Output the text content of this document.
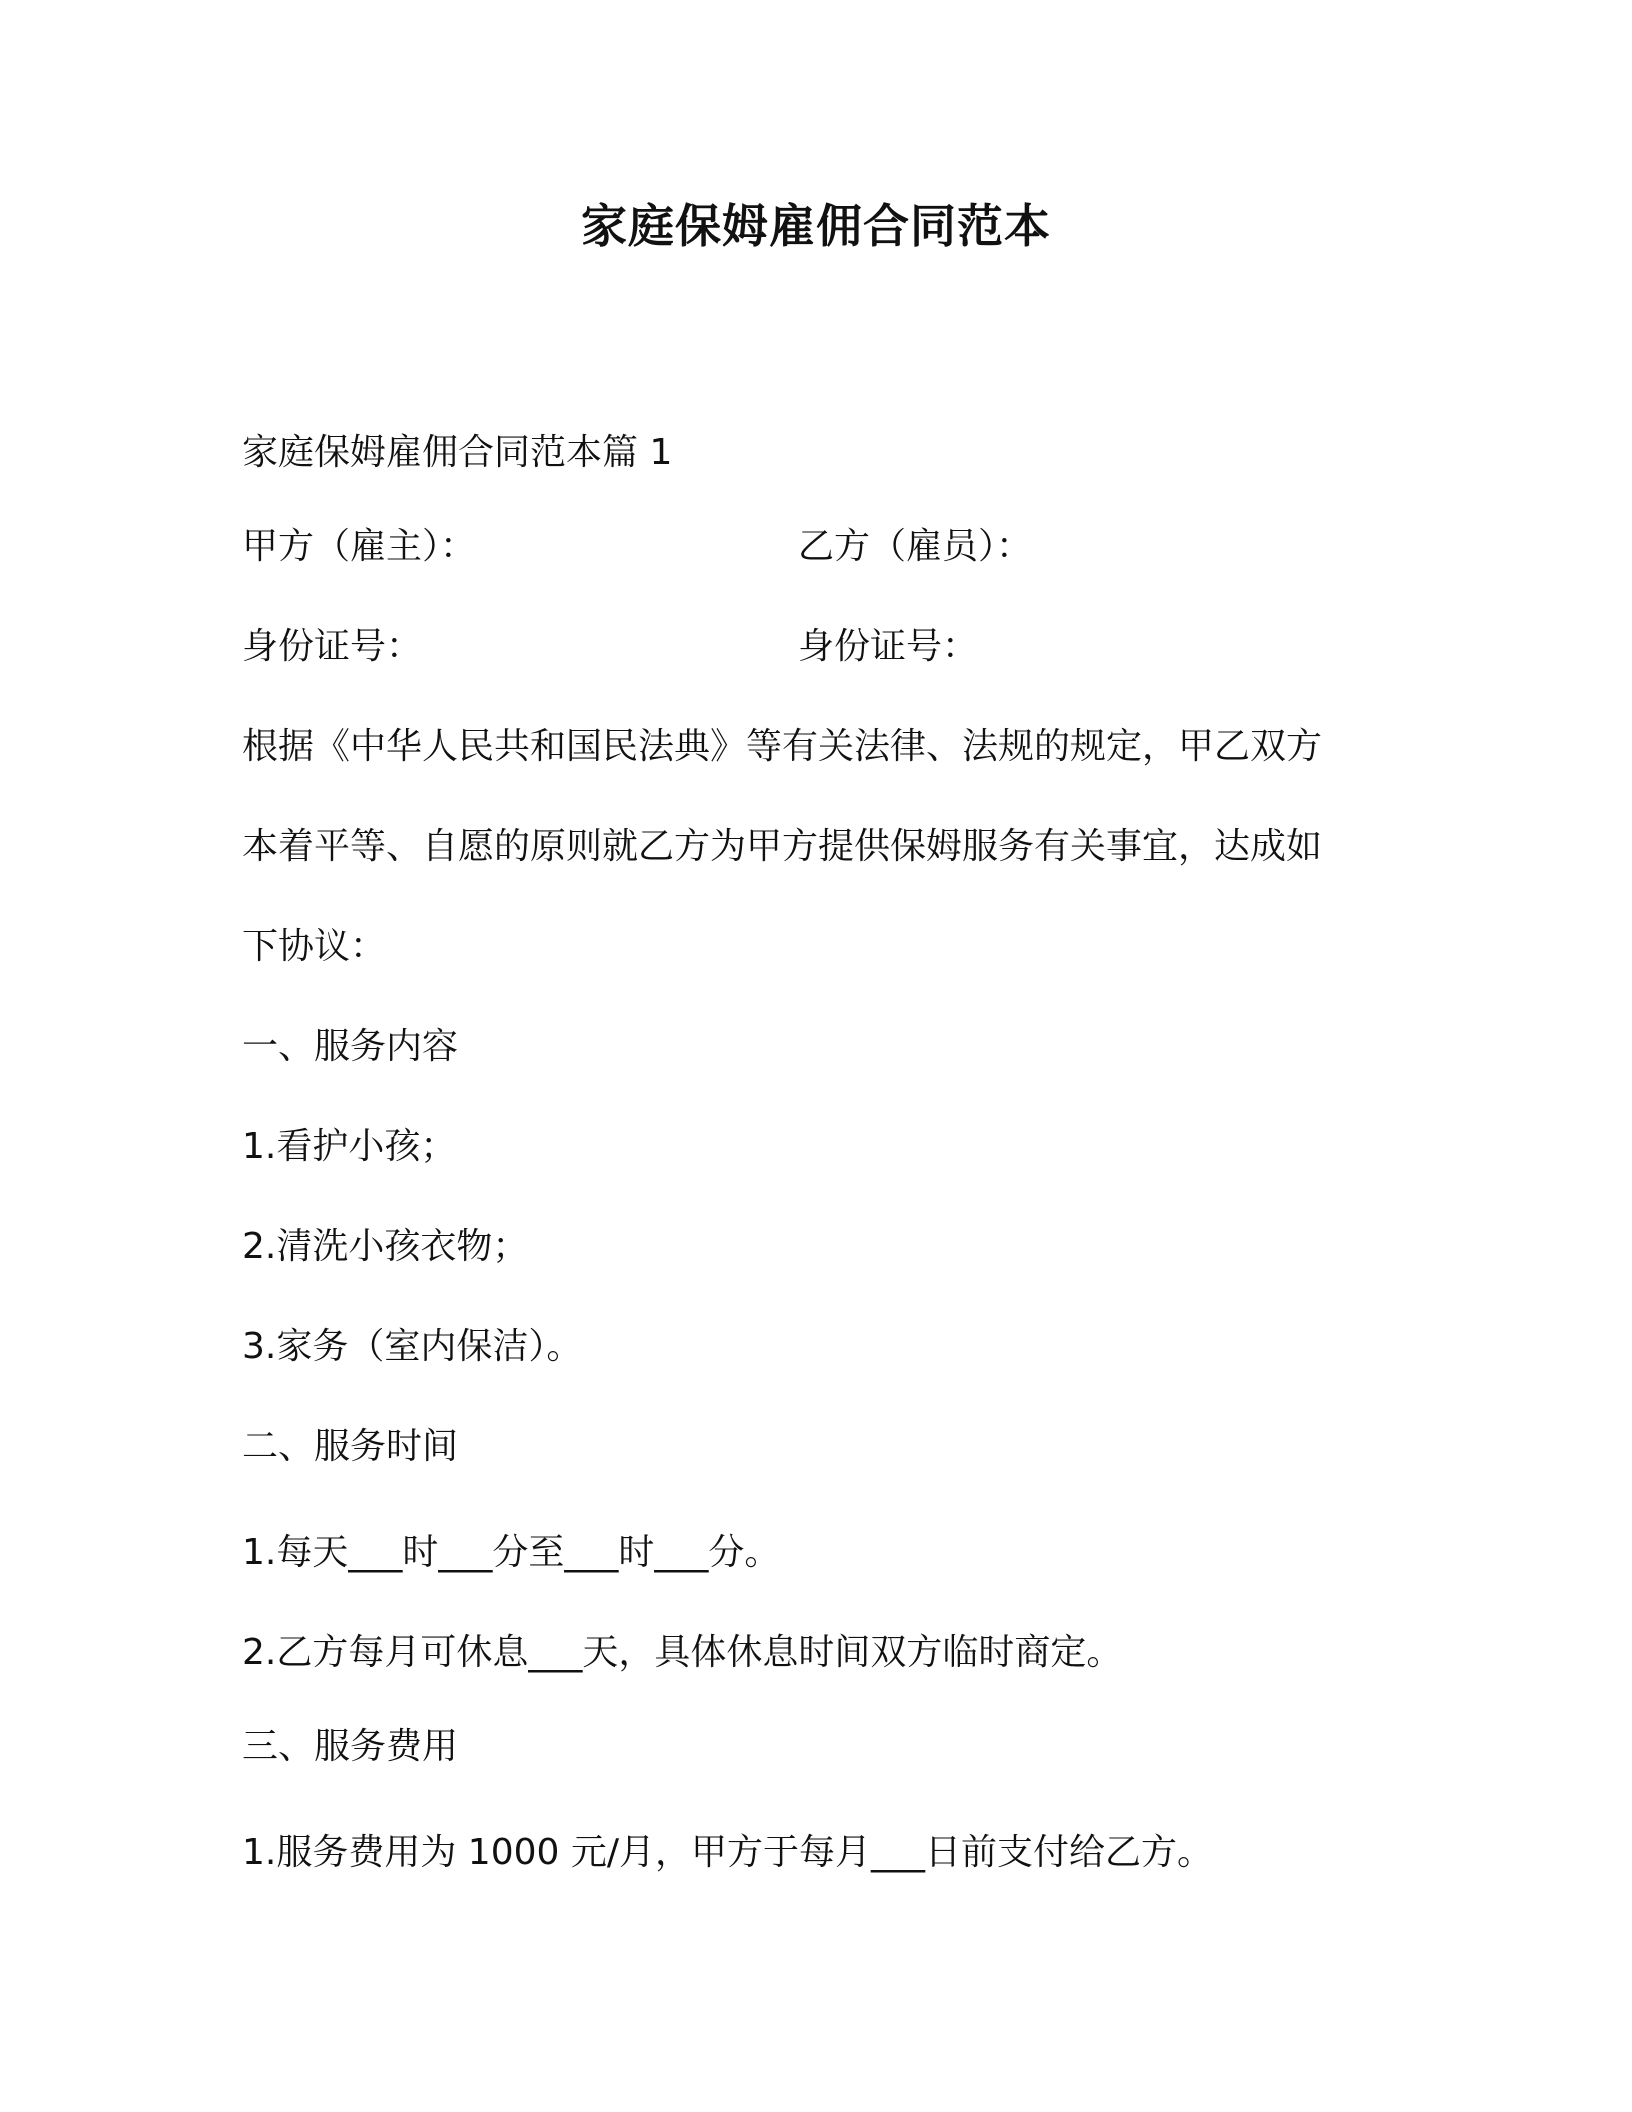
家庭保姆雇佣合同范本
家庭保姆雇佣合同范本篇 1
甲方（雇主）：	乙方（雇员）：
身份证号：	身份证号：
根据《中华人民共和国民法典》等有关法律、法规的规定，甲乙双方
本着平等、自愿的原则就乙方为甲方提供保姆服务有关事宜，达成如
下协议：
一、服务内容
1.看护小孩；
2.清洗小孩衣物；
3.家务（室内保洁）。
二、服务时间
1.每天___时___分至___时___分。
2.乙方每月可休息___天，具体休息时间双方临时商定。
三、服务费用
1.服务费用为 1000 元/月，甲方于每月___日前支付给乙方。
